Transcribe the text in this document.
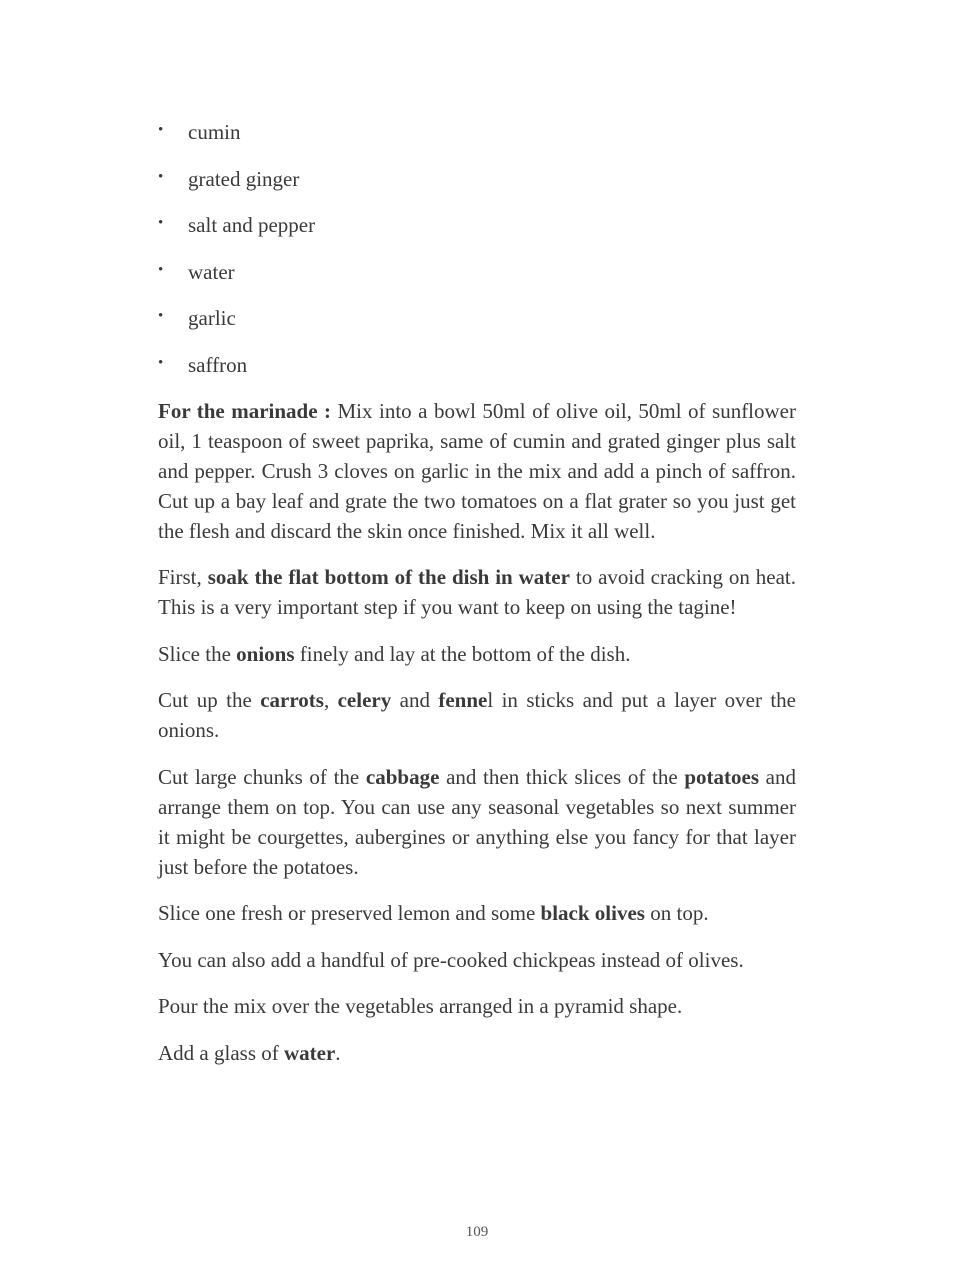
• cumin
• grated ginger
• salt and pepper
• water
• garlic
• saffron

For the marinade : Mix into a bowl 50ml of olive oil, 50ml of sunflower oil, 1 teaspoon of sweet paprika, same of cumin and grated ginger plus salt and pepper. Crush 3 cloves on garlic in the mix and add a pinch of saffron. Cut up a bay leaf and grate the two tomatoes on a flat grater so you just get the flesh and discard the skin once finished. Mix it all well.

First, soak the flat bottom of the dish in water to avoid cracking on heat. This is a very important step if you want to keep on using the tagine!

Slice the onions finely and lay at the bottom of the dish.

Cut up the carrots, celery and fennel in sticks and put a layer over the onions.

Cut large chunks of the cabbage and then thick slices of the potatoes and arrange them on top. You can use any seasonal vegetables so next summer it might be courgettes, aubergines or anything else you fancy for that layer just before the potatoes.

Slice one fresh or preserved lemon and some black olives on top.

You can also add a handful of pre-cooked chickpeas instead of olives.

Pour the mix over the vegetables arranged in a pyramid shape.

Add a glass of water.

109
